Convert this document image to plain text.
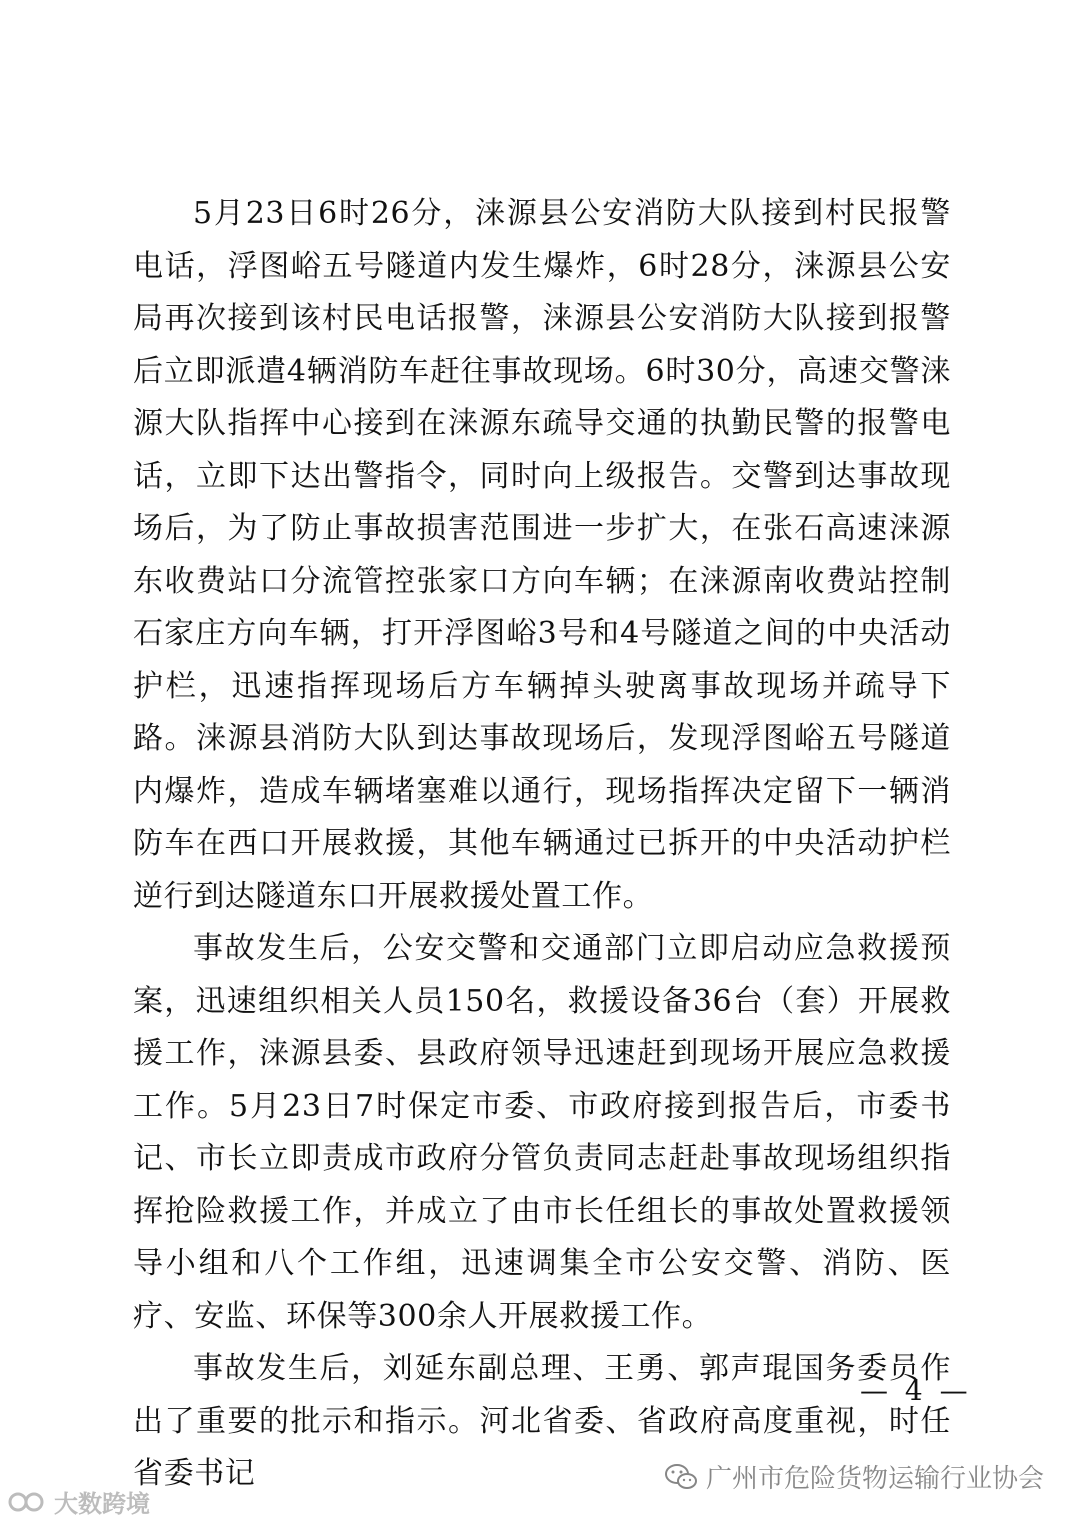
5月23日6时26分，涞源县公安消防大队接到村民报警电话，浮图峪五号隧道内发生爆炸，6时28分，涞源县公安局再次接到该村民电话报警，涞源县公安消防大队接到报警后立即派遣4辆消防车赶往事故现场。6时30分，高速交警涞源大队指挥中心接到在涞源东疏导交通的执勤民警的报警电话，立即下达出警指令，同时向上级报告。交警到达事故现场后，为了防止事故损害范围进一步扩大，在张石高速涞源东收费站口分流管控张家口方向车辆；在涞源南收费站控制石家庄方向车辆，打开浮图峪3号和4号隧道之间的中央活动护栏，迅速指挥现场后方车辆掉头驶离事故现场并疏导下路。涞源县消防大队到达事故现场后，发现浮图峪五号隧道内爆炸，造成车辆堵塞难以通行，现场指挥决定留下一辆消防车在西口开展救援，其他车辆通过已拆开的中央活动护栏逆行到达隧道东口开展救援处置工作。

事故发生后，公安交警和交通部门立即启动应急救援预案，迅速组织相关人员150名，救援设备36台（套）开展救援工作，涞源县委、县政府领导迅速赶到现场开展应急救援工作。5月23日7时保定市委、市政府接到报告后，市委书记、市长立即责成市政府分管负责同志赶赴事故现场组织指挥抢险救援工作，并成立了由市长任组长的事故处置救援领导小组和八个工作组，迅速调集全市公安交警、消防、医疗、安监、环保等300余人开展救援工作。

事故发生后，刘延东副总理、王勇、郭声琨国务委员作出了重要的批示和指示。河北省委、省政府高度重视，时任省委书记

— 4 —
广州市危险货物运输行业协会
大数跨境
